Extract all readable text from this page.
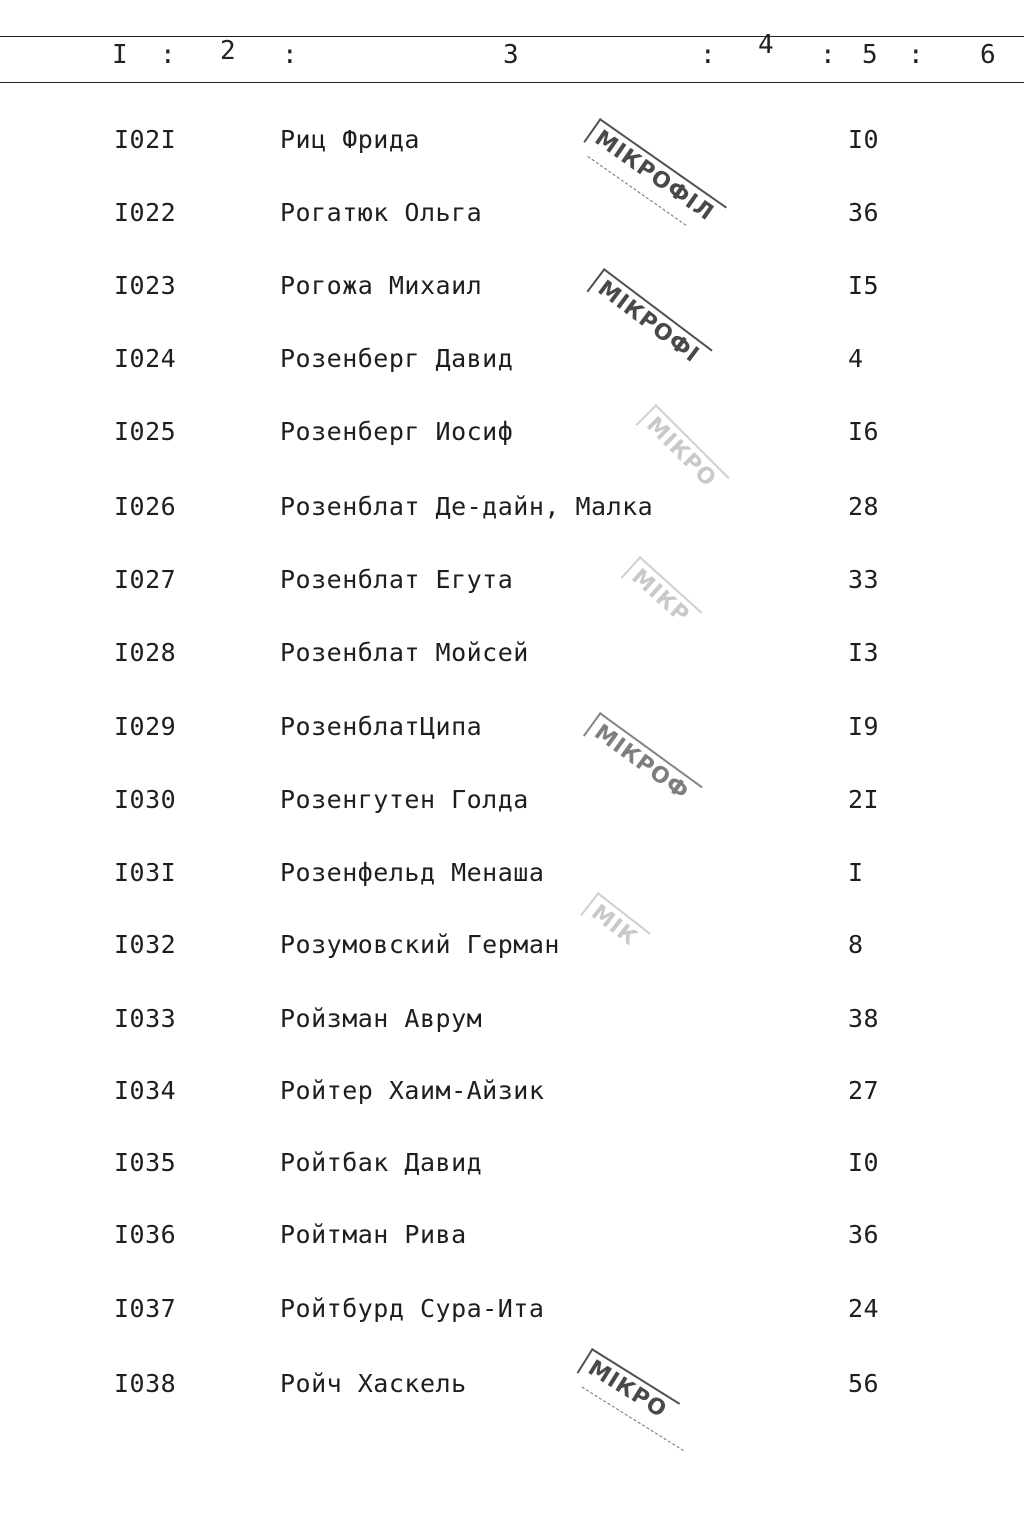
I : 2 :	3	: 4 : 5 : 6
I02I	Риц Фрида	I0
I022	Рогатюк Ольга	36
I023	Рогожа Михаил	I5
I024	Розенберг Давид	4
I025	Розенберг Иосиф	I6
I026	Розенблат Де-дайн, Малка	28
I027	Розенблат Егута	33
I028	Розенблат Мойсей	I3
I029	РозенблатЦипа	I9
I030	Розенгутен Голда	2I
I03I	Розенфельд Менаша	I
I032	Розумовский Герман	8
I033	Ройзман Аврум	38
I034	Ройтер Хаим-Айзик	27
I035	Ройтбак Давид	I0
I036	Ройтман Рива	36
I037	Ройтбурд Сура-Ита	24
I038	Ройч Хаскель	56
МІКРОФІЛ
МІКРОФІ
МІКРО
МІКР
МІКРОФ
МІК
МІКРО
